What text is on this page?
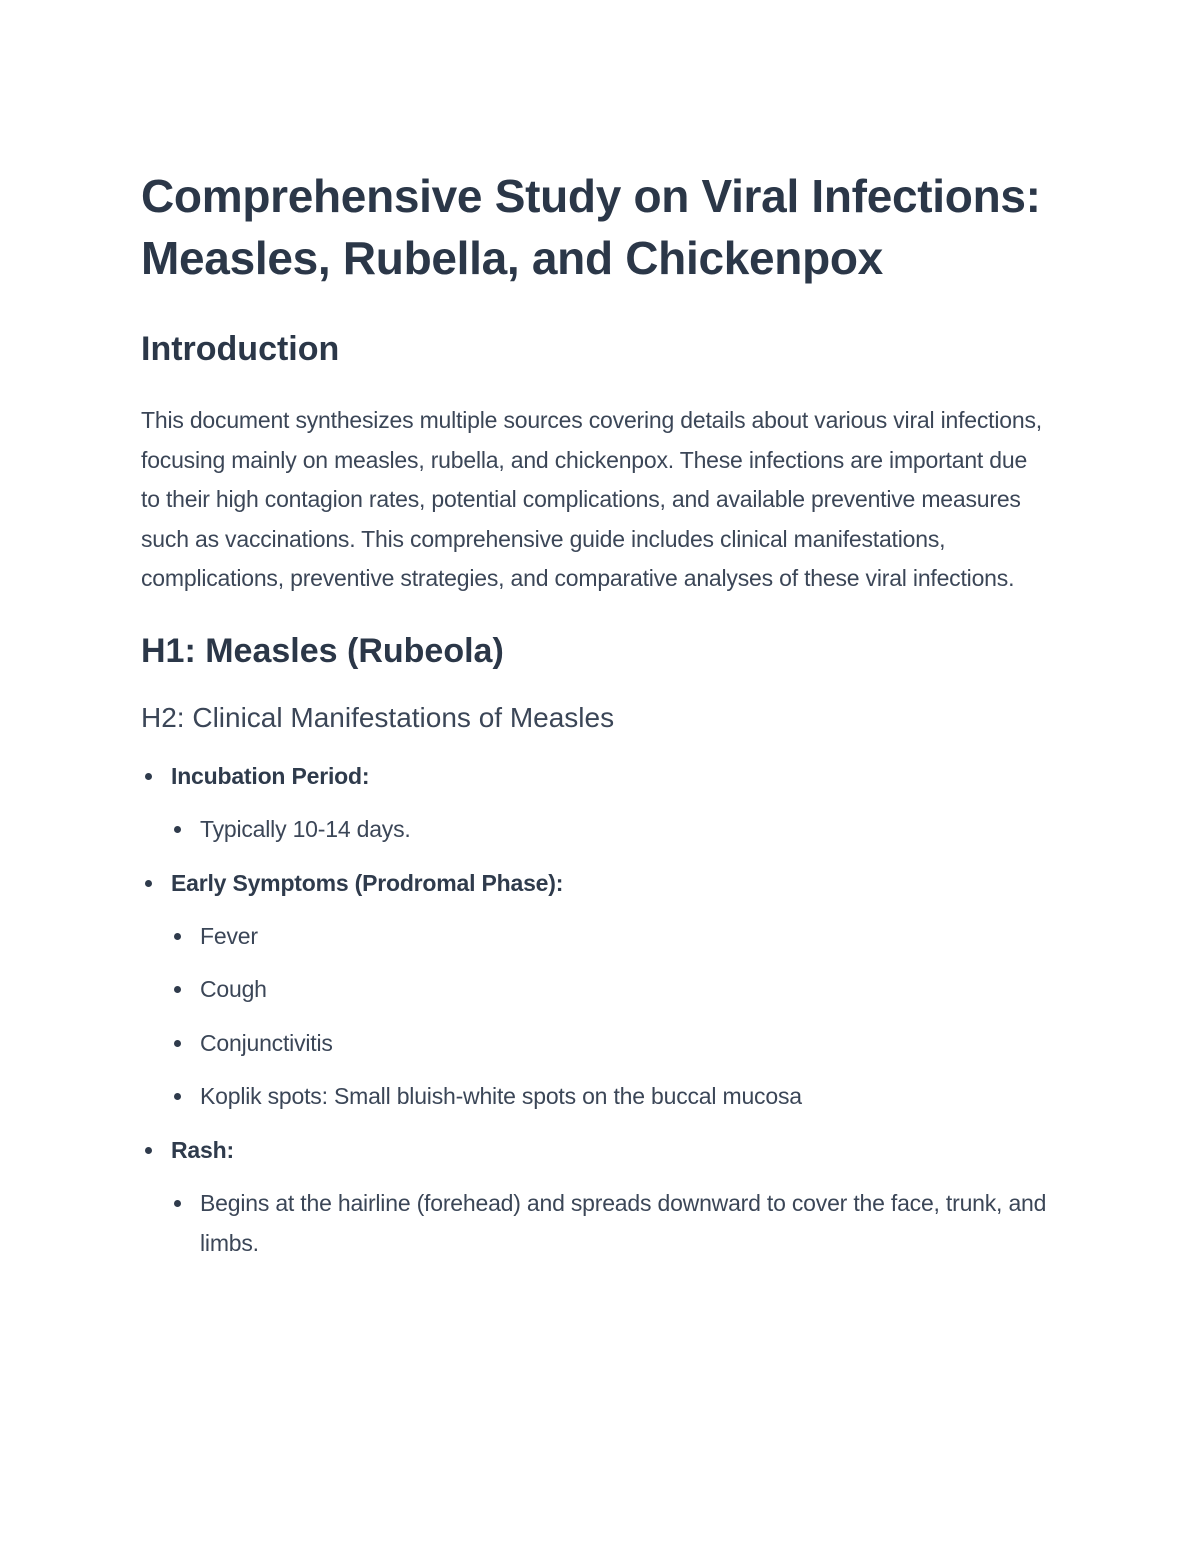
Comprehensive Study on Viral Infections: Measles, Rubella, and Chickenpox
Introduction

This document synthesizes multiple sources covering details about various viral infections, focusing mainly on measles, rubella, and chickenpox. These infections are important due to their high contagion rates, potential complications, and available preventive measures such as vaccinations. This comprehensive guide includes clinical manifestations, complications, preventive strategies, and comparative analyses of these viral infections.

H1: Measles (Rubeola)
H2: Clinical Manifestations of Measles
Incubation Period:
Typically 10-14 days.
Early Symptoms (Prodromal Phase):
Fever
Cough
Conjunctivitis
Koplik spots: Small bluish-white spots on the buccal mucosa
Rash:
Begins at the hairline (forehead) and spreads downward to cover the face, trunk, and limbs.
